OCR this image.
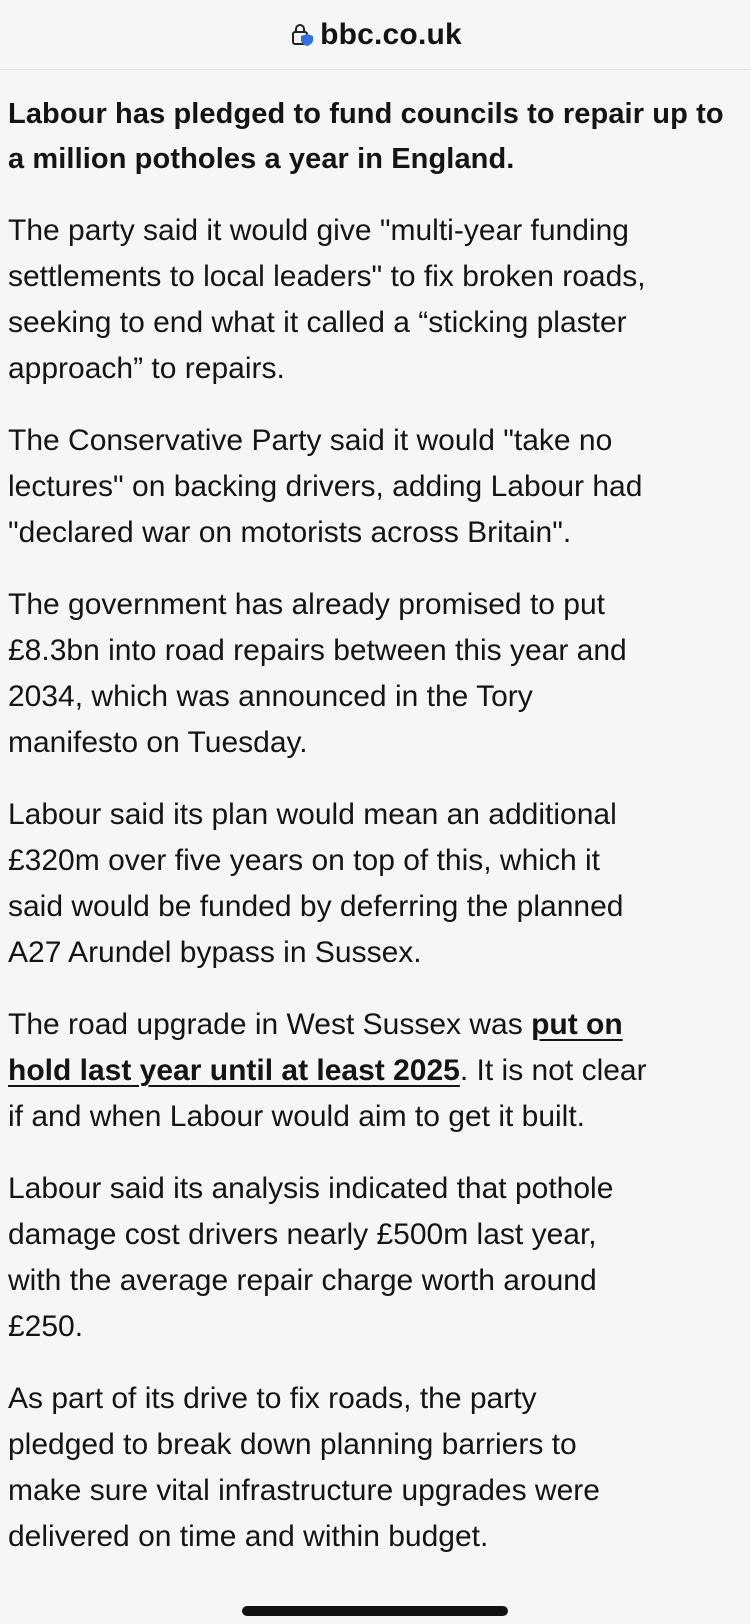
bbc.co.uk

Labour has pledged to fund councils to repair up to a million potholes a year in England.

The party said it would give "multi-year funding
settlements to local leaders" to fix broken roads,
seeking to end what it called a “sticking plaster
approach” to repairs.

The Conservative Party said it would "take no
lectures" on backing drivers, adding Labour had
"declared war on motorists across Britain".

The government has already promised to put
£8.3bn into road repairs between this year and
2034, which was announced in the Tory
manifesto on Tuesday.

Labour said its plan would mean an additional
£320m over five years on top of this, which it
said would be funded by deferring the planned
A27 Arundel bypass in Sussex.

The road upgrade in West Sussex was put on
hold last year until at least 2025. It is not clear
if and when Labour would aim to get it built.

Labour said its analysis indicated that pothole
damage cost drivers nearly £500m last year,
with the average repair charge worth around
£250.

As part of its drive to fix roads, the party
pledged to break down planning barriers to
make sure vital infrastructure upgrades were
delivered on time and within budget.
